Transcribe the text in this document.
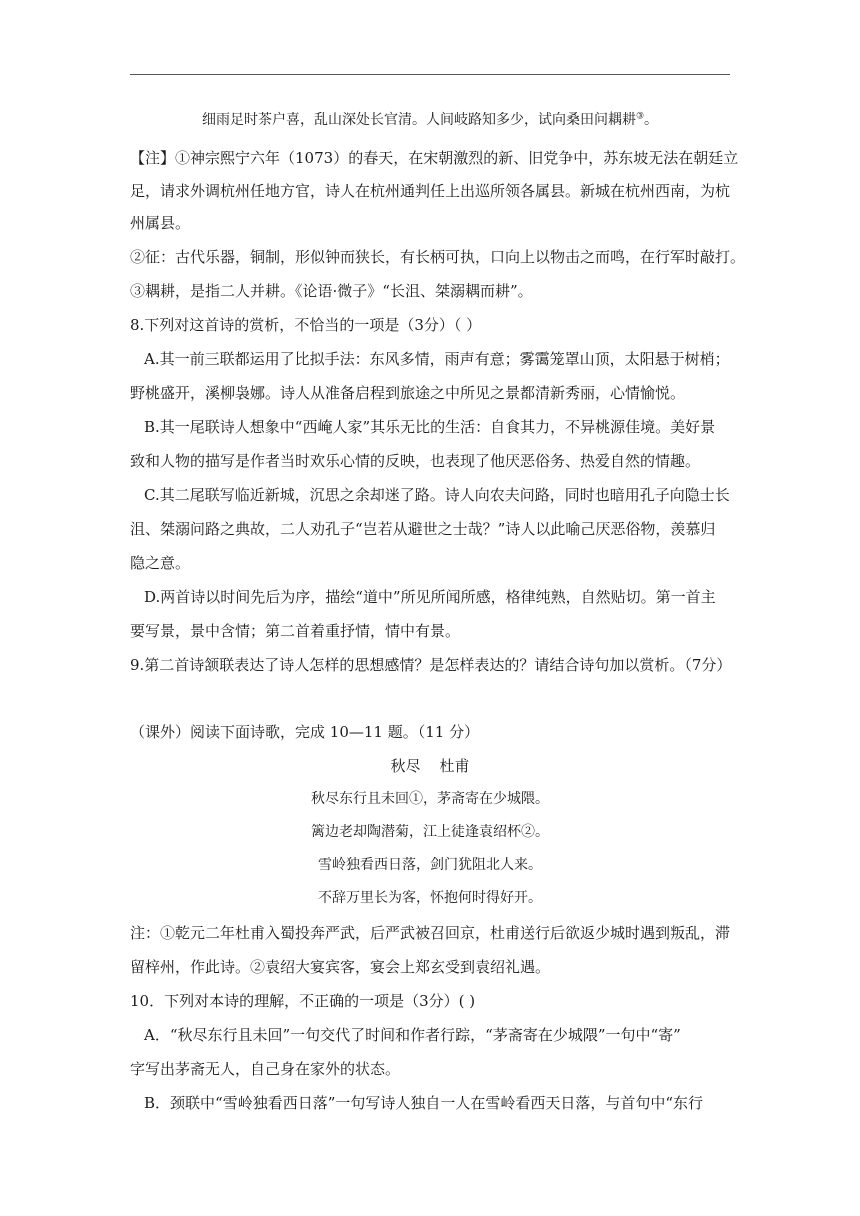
细雨足时茶户喜，乱山深处长官清。人间岐路知多少，试向桑田问耦耕③。
【注】①神宗熙宁六年（1073）的春天，在宋朝激烈的新、旧党争中，苏东坡无法在朝廷立
足，请求外调杭州任地方官，诗人在杭州通判任上出巡所领各属县。新城在杭州西南，为杭
州属县。
②征：古代乐器，铜制，形似钟而狭长，有长柄可执，口向上以物击之而鸣，在行军时敲打。
③耦耕，是指二人并耕。《论语·微子》“长沮、桀溺耦而耕”。
8.下列对这首诗的赏析，不恰当的一项是（3分）（ ）
A.其一前三联都运用了比拟手法：东风多情，雨声有意；雾霭笼罩山顶，太阳悬于树梢；
野桃盛开，溪柳袅娜。诗人从准备启程到旅途之中所见之景都清新秀丽，心情愉悦。
B.其一尾联诗人想象中“西崦人家”其乐无比的生活：自食其力，不异桃源佳境。美好景
致和人物的描写是作者当时欢乐心情的反映，也表现了他厌恶俗务、热爱自然的情趣。
C.其二尾联写临近新城，沉思之余却迷了路。诗人向农夫问路，同时也暗用孔子向隐士长
沮、桀溺问路之典故，二人劝孔子“岂若从避世之士哉？”诗人以此喻己厌恶俗物，羡慕归
隐之意。
D.两首诗以时间先后为序，描绘“道中”所见所闻所感，格律纯熟，自然贴切。第一首主
要写景，景中含情；第二首着重抒情，情中有景。
9.第二首诗颔联表达了诗人怎样的思想感情？是怎样表达的？请结合诗句加以赏析。（7分）
（课外）阅读下面诗歌，完成 10—11 题。（11 分）
秋尽    杜甫
秋尽东行且未回①，茅斋寄在少城隈。
篱边老却陶潜菊，江上徒逢袁绍杯②。
雪岭独看西日落，剑门犹阻北人来。
不辞万里长为客，怀抱何时得好开。
注：①乾元二年杜甫入蜀投奔严武，后严武被召回京，杜甫送行后欲返少城时遇到叛乱，滞
留梓州，作此诗。②袁绍大宴宾客，宴会上郑玄受到袁绍礼遇。
10．下列对本诗的理解，不正确的一项是（3分）( )
A．“秋尽东行且未回”一句交代了时间和作者行踪，“茅斋寄在少城隈”一句中“寄”
字写出茅斋无人，自己身在家外的状态。
B．颈联中“雪岭独看西日落”一句写诗人独自一人在雪岭看西天日落，与首句中“东行
